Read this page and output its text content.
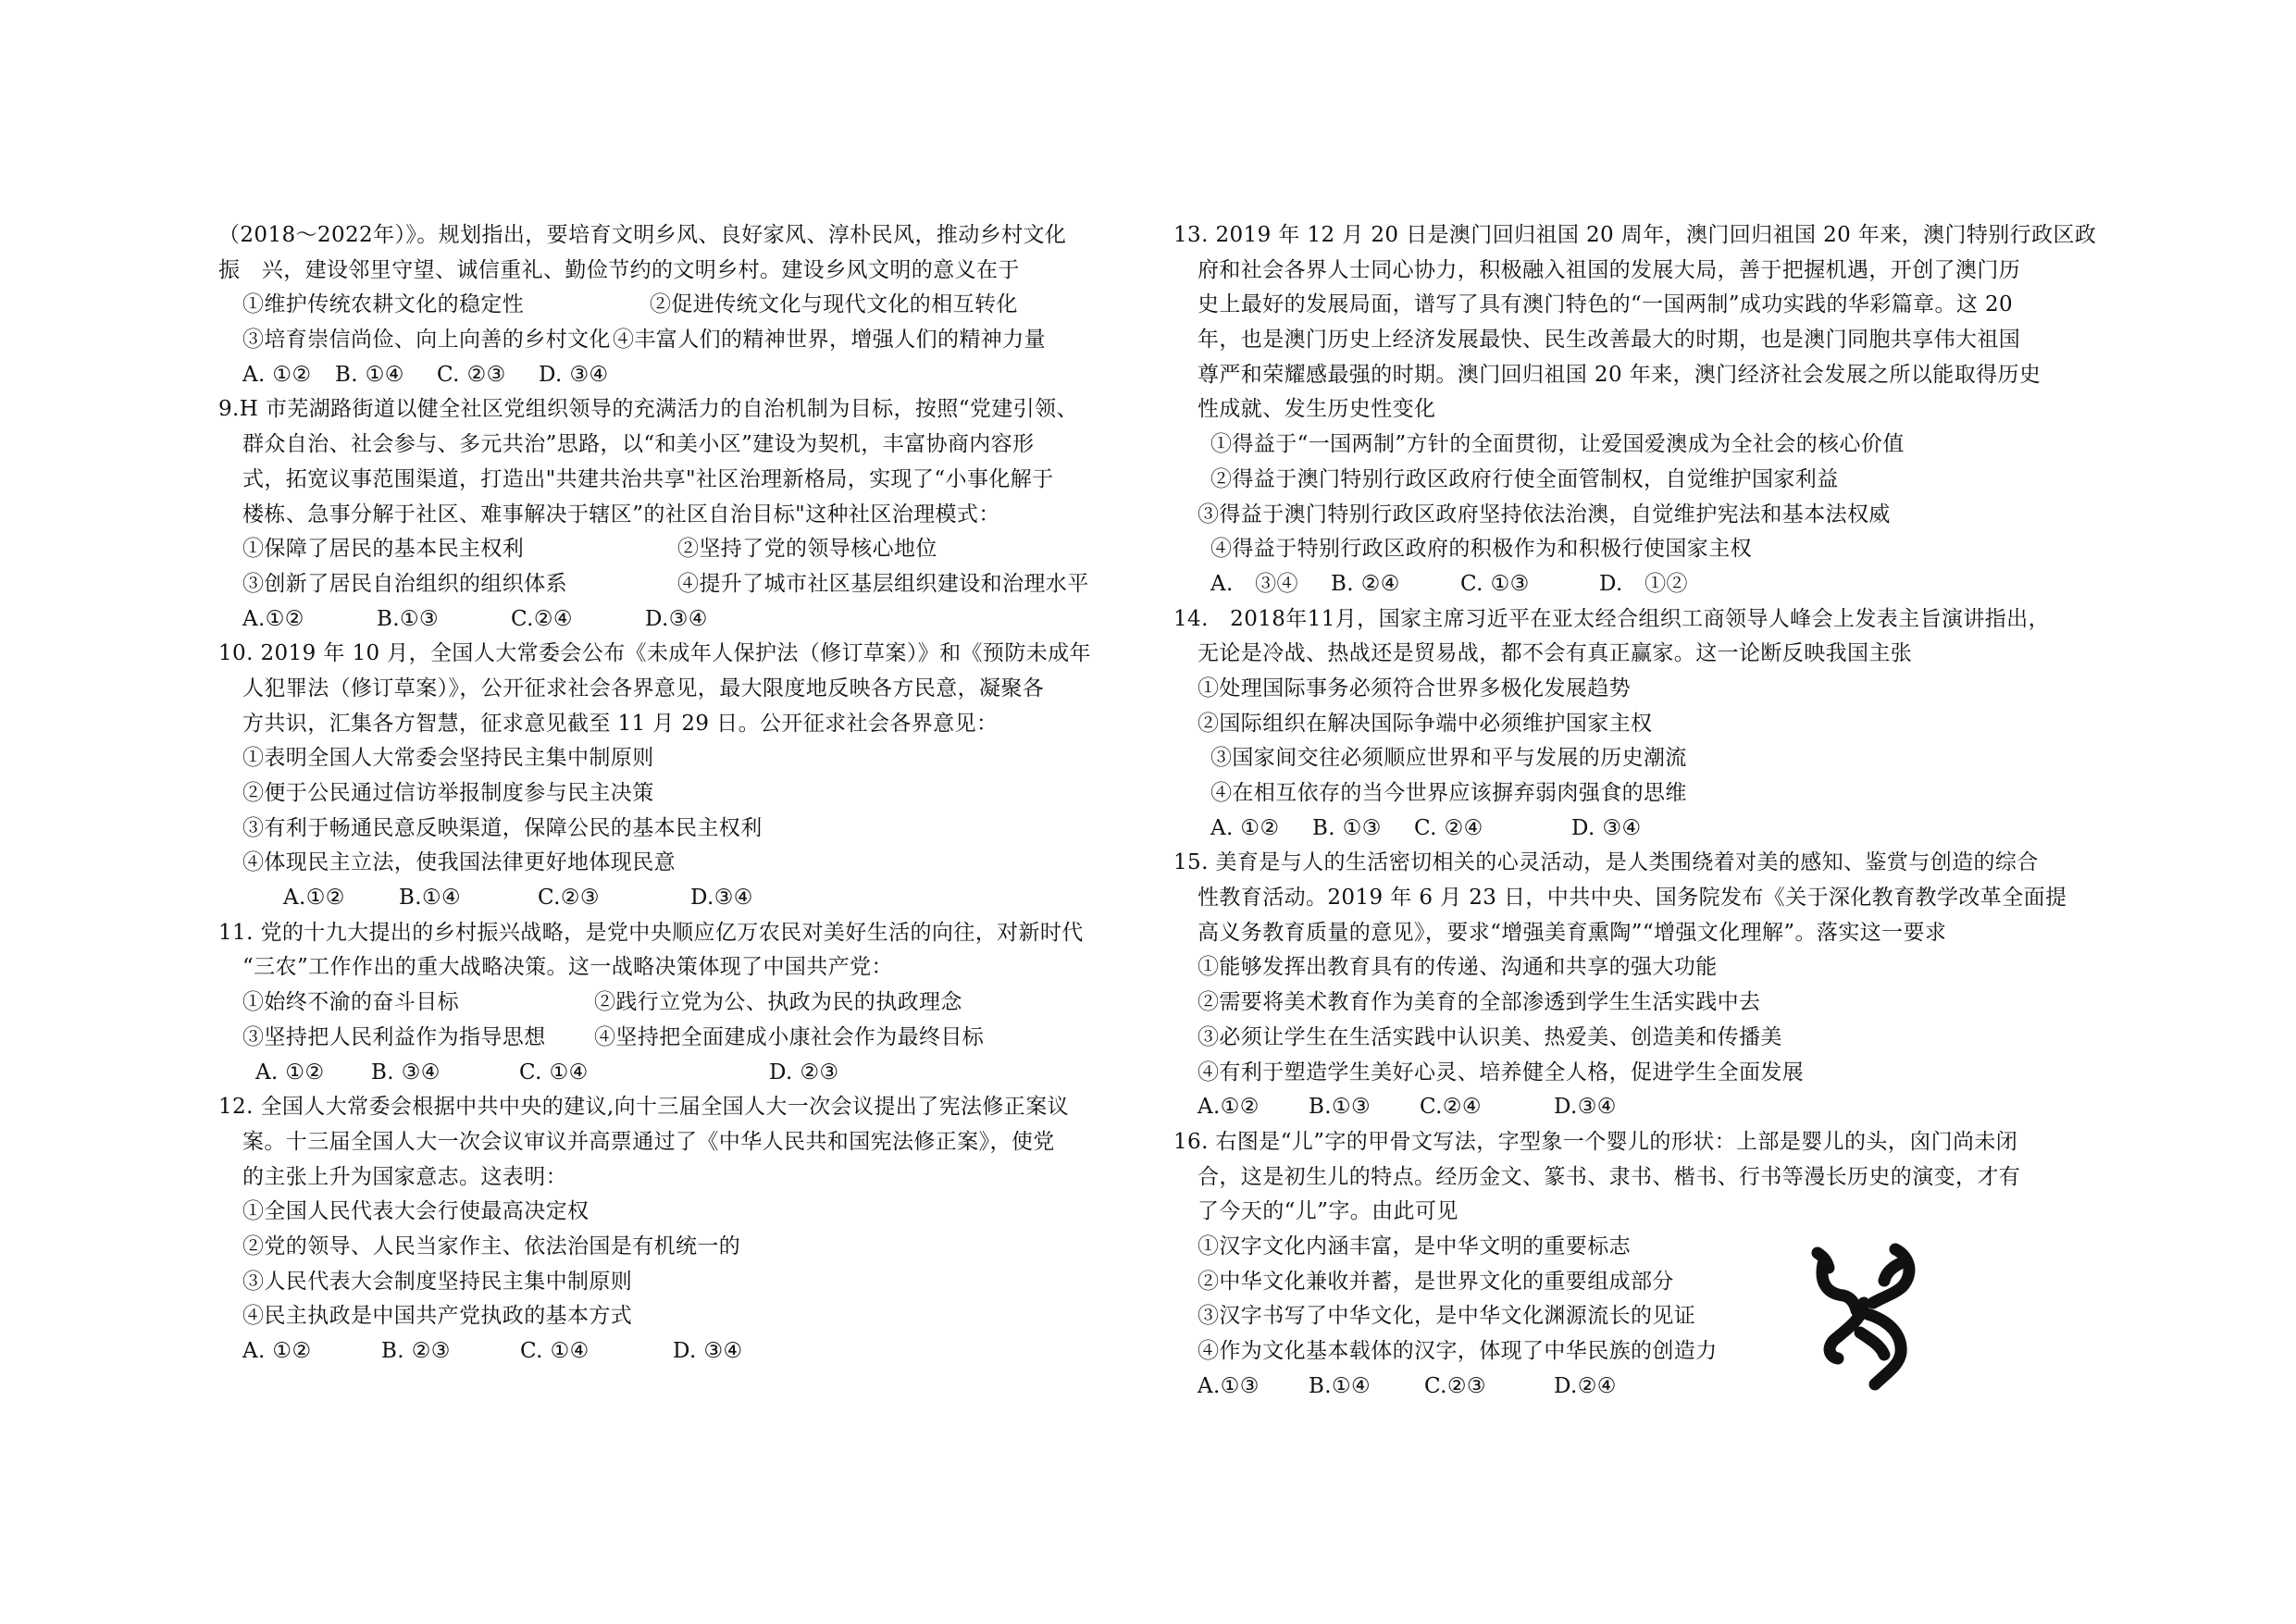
（2018～2022年）》。规划指出，要培育文明乡风、良好家风、淳朴民风，推动乡村文化
振　兴，建设邻里守望、诚信重礼、勤俭节约的文明乡村。建设乡风文明的意义在于
①维护传统农耕文化的稳定性	②促进传统文化与现代文化的相互转化
③培育崇信尚俭、向上向善的乡村文化 ④丰富人们的精神世界，增强人们的精神力量
A. ①②	B. ①④	C. ②③	D. ③④
9.H 市芜湖路街道以健全社区党组织领导的充满活力的自治机制为目标，按照“党建引领、
群众自治、社会参与、多元共治”思路，以“和美小区”建设为契机，丰富协商内容形
式，拓宽议事范围渠道，打造出"共建共治共享"社区治理新格局，实现了“小事化解于
楼栋、急事分解于社区、难事解决于辖区”的社区自治目标"这种社区治理模式：
①保障了居民的基本民主权利	②坚持了党的领导核心地位
③创新了居民自治组织的组织体系	④提升了城市社区基层组织建设和治理水平
A.①②	B.①③	C.②④	D.③④
10. 2019 年 10 月，全国人大常委会公布《未成年人保护法（修订草案）》和《预防未成年
人犯罪法（修订草案）》，公开征求社会各界意见，最大限度地反映各方民意，凝聚各
方共识，汇集各方智慧，征求意见截至 11 月 29 日。公开征求社会各界意见：
①表明全国人大常委会坚持民主集中制原则
②便于公民通过信访举报制度参与民主决策
③有利于畅通民意反映渠道，保障公民的基本民主权利
④体现民主立法，使我国法律更好地体现民意
A.①②	B.①④	C.②③	D.③④
11. 党的十九大提出的乡村振兴战略，是党中央顺应亿万农民对美好生活的向往，对新时代
“三农”工作作出的重大战略决策。这一战略决策体现了中国共产党：
①始终不渝的奋斗目标	②践行立党为公、执政为民的执政理念
③坚持把人民利益作为指导思想	④坚持把全面建成小康社会作为最终目标
A. ①②	B. ③④	C. ①④	D. ②③
12. 全国人大常委会根据中共中央的建议,向十三届全国人大一次会议提出了宪法修正案议
案。十三届全国人大一次会议审议并高票通过了《中华人民共和国宪法修正案》，使党
的主张上升为国家意志。这表明：
①全国人民代表大会行使最高决定权
②党的领导、人民当家作主、依法治国是有机统一的
③人民代表大会制度坚持民主集中制原则
④民主执政是中国共产党执政的基本方式
A. ①②	B. ②③	C. ①④	D. ③④
13. 2019 年 12 月 20 日是澳门回归祖国 20 周年，澳门回归祖国 20 年来，澳门特别行政区政
府和社会各界人士同心协力，积极融入祖国的发展大局，善于把握机遇，开创了澳门历
史上最好的发展局面，谱写了具有澳门特色的“一国两制”成功实践的华彩篇章。这 20
年，也是澳门历史上经济发展最快、民生改善最大的时期，也是澳门同胞共享伟大祖国
尊严和荣耀感最强的时期。澳门回归祖国 20 年来，澳门经济社会发展之所以能取得历史
性成就、发生历史性变化
①得益于“一国两制”方针的全面贯彻，让爱国爱澳成为全社会的核心价值
②得益于澳门特别行政区政府行使全面管制权，自觉维护国家利益
③得益于澳门特别行政区政府坚持依法治澳，自觉维护宪法和基本法权威
④得益于特别行政区政府的积极作为和积极行使国家主权
A.　③④	B. ②④	C. ①③	D.　①②
14.　2018年11月，国家主席习近平在亚太经合组织工商领导人峰会上发表主旨演讲指出，
无论是冷战、热战还是贸易战，都不会有真正赢家。这一论断反映我国主张
①处理国际事务必须符合世界多极化发展趋势
②国际组织在解决国际争端中必须维护国家主权
③国家间交往必须顺应世界和平与发展的历史潮流
④在相互依存的当今世界应该摒弃弱肉强食的思维
A. ①②	B. ①③	C. ②④	D. ③④
15. 美育是与人的生活密切相关的心灵活动，是人类围绕着对美的感知、鉴赏与创造的综合
性教育活动。2019 年 6 月 23 日，中共中央、国务院发布《关于深化教育教学改革全面提
高义务教育质量的意见》，要求“增强美育熏陶”“增强文化理解”。落实这一要求
①能够发挥出教育具有的传递、沟通和共享的强大功能
②需要将美术教育作为美育的全部渗透到学生生活实践中去
③必须让学生在生活实践中认识美、热爱美、创造美和传播美
④有利于塑造学生美好心灵、培养健全人格，促进学生全面发展
A.①②	B.①③	C.②④	D.③④
16. 右图是“儿”字的甲骨文写法，字型象一个婴儿的形状：上部是婴儿的头，囟门尚未闭
合，这是初生儿的特点。经历金文、篆书、隶书、楷书、行书等漫长历史的演变，才有
了今天的“儿”字。由此可见
①汉字文化内涵丰富，是中华文明的重要标志
②中华文化兼收并蓄，是世界文化的重要组成部分
③汉字书写了中华文化，是中华文化渊源流长的见证
④作为文化基本载体的汉字，体现了中华民族的创造力
A.①③	B.①④	C.②③	D.②④
